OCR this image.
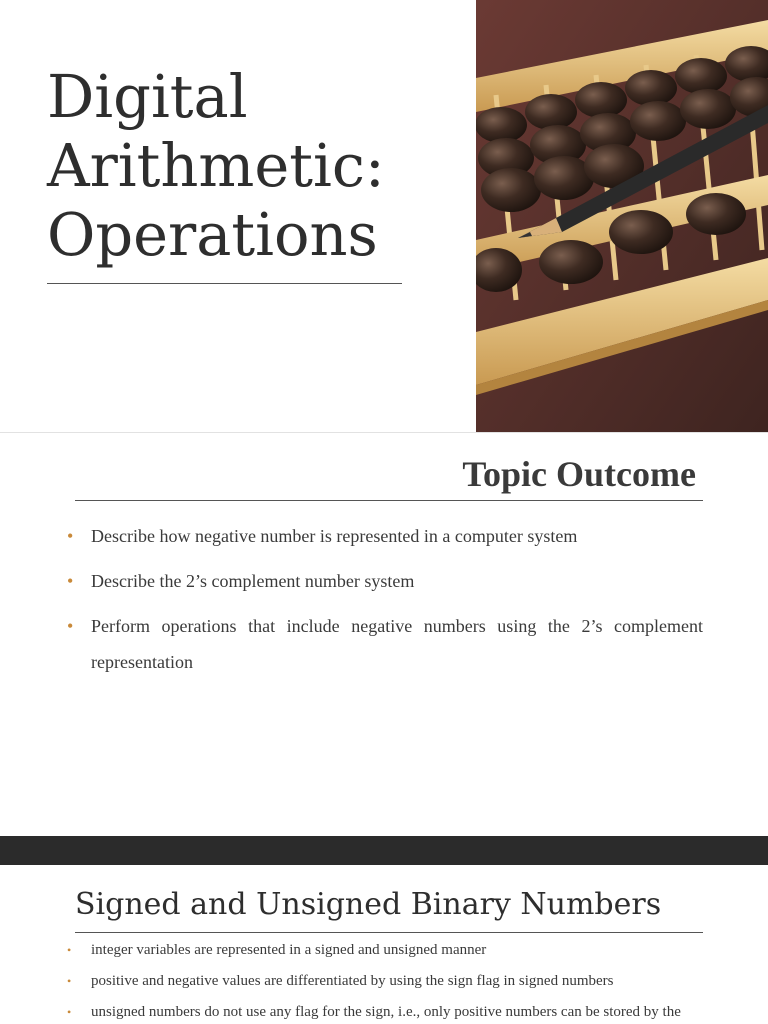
Digital
Arithmetic:
Operations
Topic Outcome
• Describe how negative number is represented in a computer system
• Describe the 2’s complement number system
• Perform operations that include negative numbers using the 2’s complement representation
Signed and Unsigned Binary Numbers
• integer variables are represented in a signed and unsigned manner
• positive and negative values are differentiated by using the sign flag in signed numbers
• unsigned numbers do not use any flag for the sign, i.e., only positive numbers can be stored by the
